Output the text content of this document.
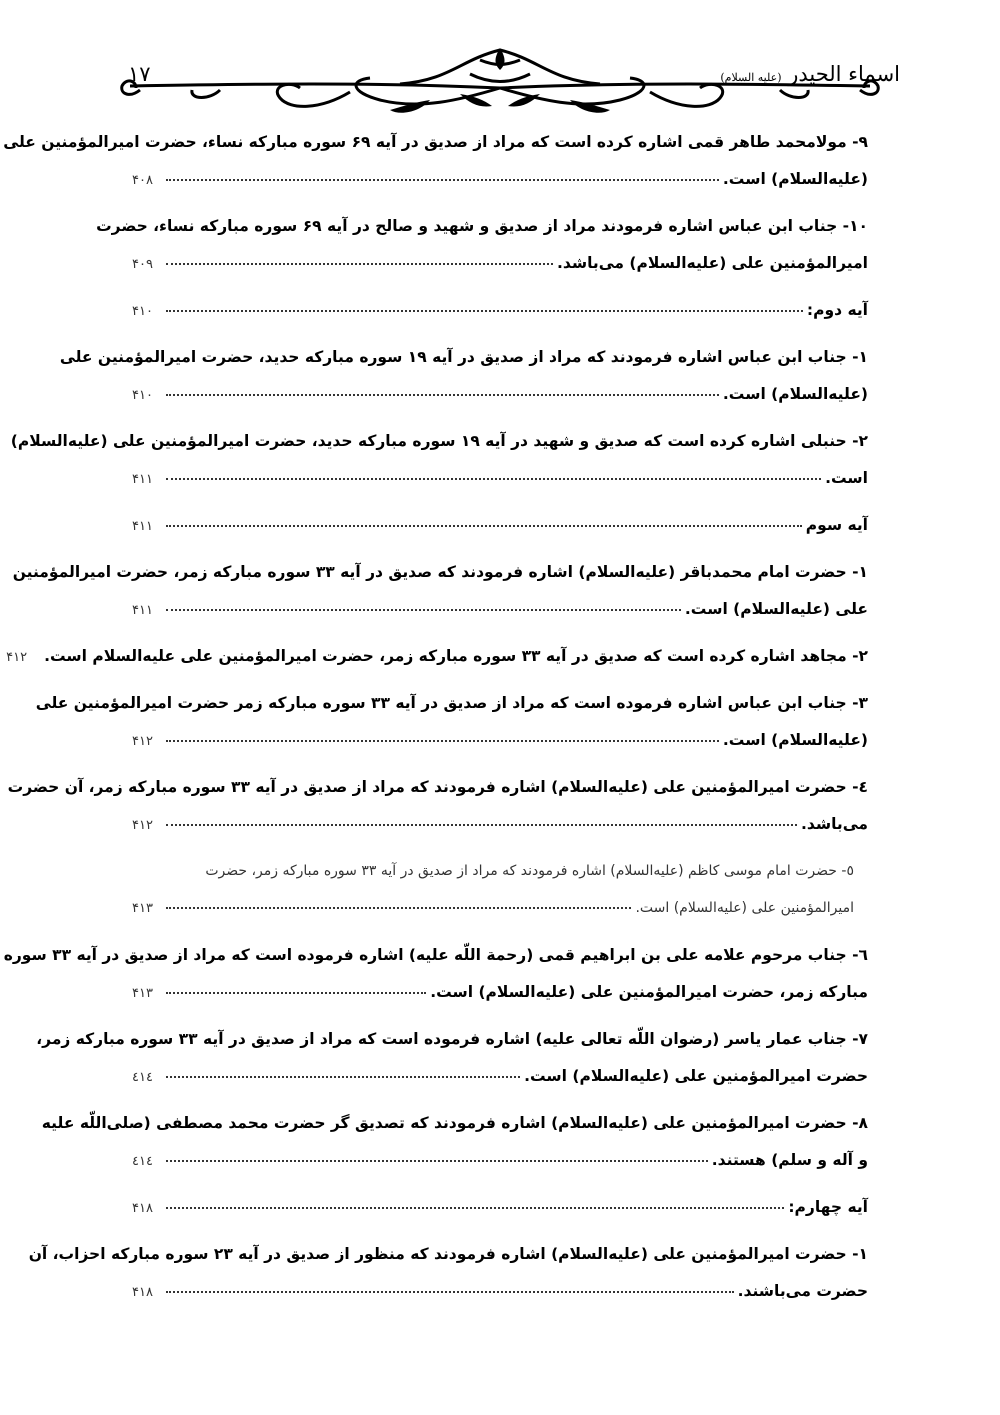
اسماء الحیدر (علیه السلام)
۱۷
۹- مولامحمد طاهر قمی اشاره کرده است که مراد از صدیق در آیه ۶۹ سوره مبارکه نساء، حضرت امیرالمؤمنین علی
(علیه‌السلام) است.
۴۰۸
۱۰- جناب ابن عباس اشاره فرمودند مراد از صدیق و شهید و صالح در آیه ۶۹ سوره مبارکه نساء، حضرت
امیرالمؤمنین علی (علیه‌السلام) می‌باشد.
۴۰۹
آیه دوم:
۴۱۰
۱- جناب ابن عباس اشاره فرمودند که مراد از صدیق در آیه ۱۹ سوره مبارکه حدید، حضرت امیرالمؤمنین علی
(علیه‌السلام) است.
۴۱۰
۲- حنبلی اشاره کرده است که صدیق و شهید در آیه ۱۹ سوره مبارکه حدید، حضرت امیرالمؤمنین علی (علیه‌السلام)
است.
۴۱۱
آیه سوم
۴۱۱
۱- حضرت امام محمدباقر (علیه‌السلام) اشاره فرمودند که صدیق در آیه ۳۳ سوره مبارکه زمر، حضرت امیرالمؤمنین
علی (علیه‌السلام) است.
۴۱۱
۲- مجاهد اشاره کرده است که صدیق در آیه ۳۳ سوره مبارکه زمر، حضرت امیرالمؤمنین علی علیه‌السلام است.
۴۱۲
۳- جناب ابن عباس اشاره فرموده است که مراد از صدیق در آیه ۳۳ سوره مبارکه زمر حضرت امیرالمؤمنین علی
(علیه‌السلام) است.
۴۱۲
٤- حضرت امیرالمؤمنین علی (علیه‌السلام) اشاره فرمودند که مراد از صدیق در آیه ۳۳ سوره مبارکه زمر، آن حضرت
می‌باشد.
۴۱۲
٥- حضرت امام موسی کاظم (علیه‌السلام) اشاره فرمودند که مراد از صدیق در آیه ۳۳ سوره مبارکه زمر، حضرت
امیرالمؤمنین علی (علیه‌السلام) است.
۴۱۳
٦- جناب مرحوم علامه علی بن ابراهیم قمی (رحمة اللّه علیه) اشاره فرموده است که مراد از صدیق در آیه ۳۳ سوره
مبارکه زمر، حضرت امیرالمؤمنین علی (علیه‌السلام) است.
۴۱۳
۷- جناب عمار یاسر (رضوان اللّه تعالی علیه) اشاره فرموده است که مراد از صدیق در آیه ۳۳ سوره مبارکه زمر،
حضرت امیرالمؤمنین علی (علیه‌السلام) است.
٤١٤
۸- حضرت امیرالمؤمنین علی (علیه‌السلام) اشاره فرمودند که تصدیق گر حضرت محمد مصطفی (صلی‌اللّه علیه
و آله و سلم) هستند.
٤١٤
آیه چهارم:
۴۱۸
۱- حضرت امیرالمؤمنین علی (علیه‌السلام) اشاره فرمودند که منظور از صدیق در آیه ۲۳ سوره مبارکه احزاب، آن
حضرت می‌باشند.
۴۱۸
